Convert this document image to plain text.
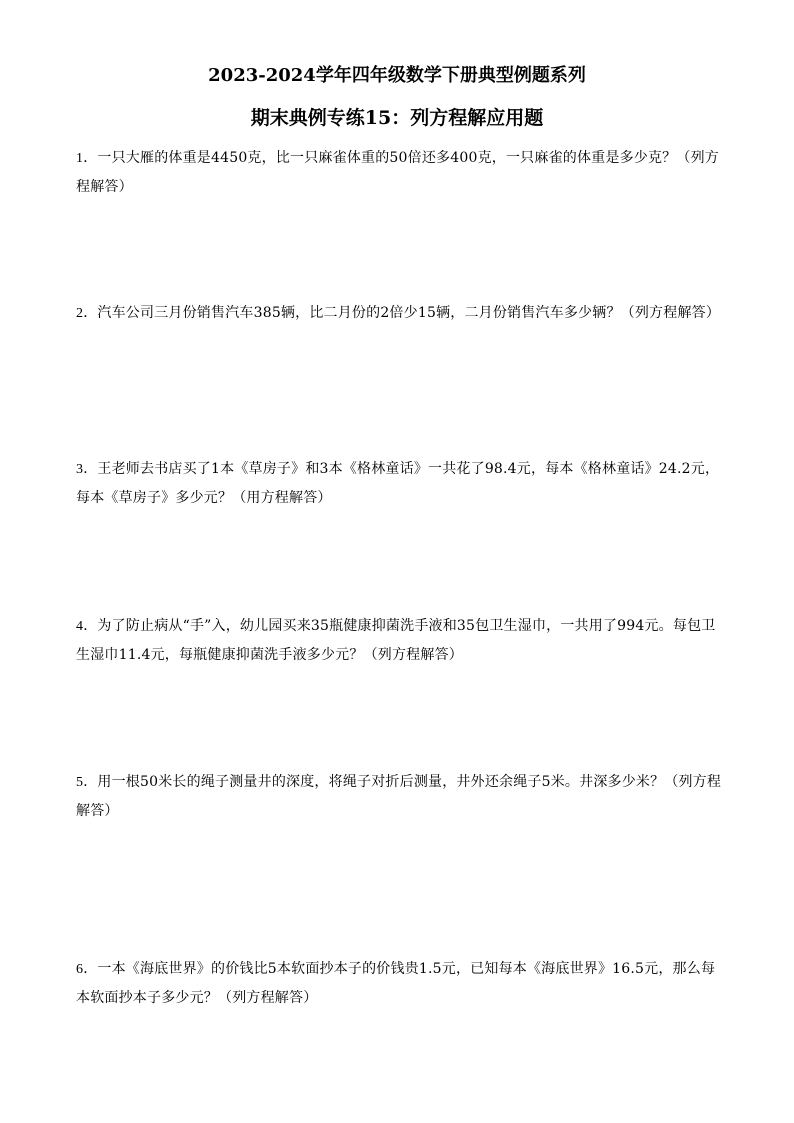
2023-2024学年四年级数学下册典型例题系列
期末典例专练15：列方程解应用题

1．一只大雁的体重是4450克，比一只麻雀体重的50倍还多400克，一只麻雀的体重是多少克？（列方程解答）

2．汽车公司三月份销售汽车385辆，比二月份的2倍少15辆，二月份销售汽车多少辆？（列方程解答）

3．王老师去书店买了1本《草房子》和3本《格林童话》一共花了98.4元，每本《格林童话》24.2元，每本《草房子》多少元？（用方程解答）

4．为了防止病从“手”入，幼儿园买来35瓶健康抑菌洗手液和35包卫生湿巾，一共用了994元。每包卫生湿巾11.4元，每瓶健康抑菌洗手液多少元？（列方程解答）

5．用一根50米长的绳子测量井的深度，将绳子对折后测量，井外还余绳子5米。井深多少米？（列方程解答）

6．一本《海底世界》的价钱比5本软面抄本子的价钱贵1.5元，已知每本《海底世界》16.5元，那么每本软面抄本子多少元？（列方程解答）
